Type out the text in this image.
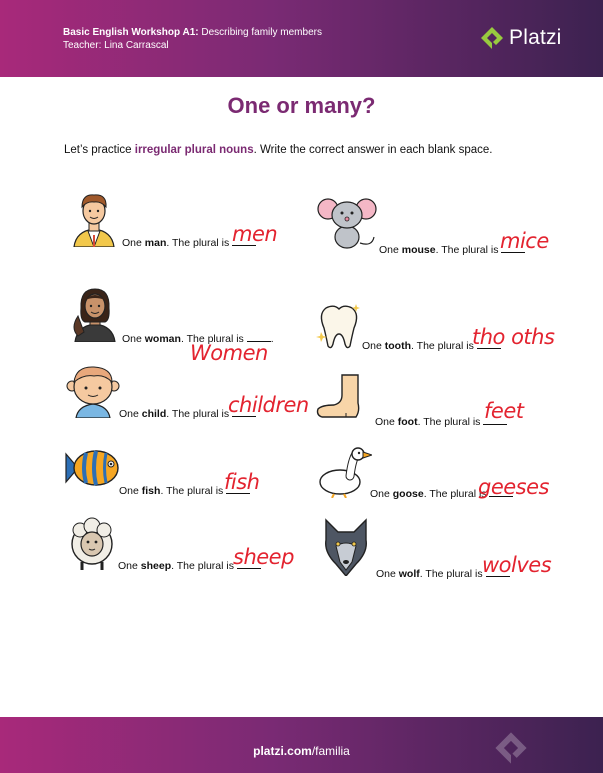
Basic English Workshop A1: Describing family members
Teacher: Lina Carrascal	Platzi
One or many?
Let’s practice irregular plural nouns. Write the correct answer in each blank space.
One man. The plural is men
One mouse. The plural is
mice
One woman. The plural is .
Women	One tooth. The plural is
tho oths
One child. The plural is
children
One foot. The plural is feet
One fish. The plural is
fish	One goose. The plural is
geeses
One sheep. The plural is
sheep
One wolf. The plural is
wolves
platzi.com/familia
